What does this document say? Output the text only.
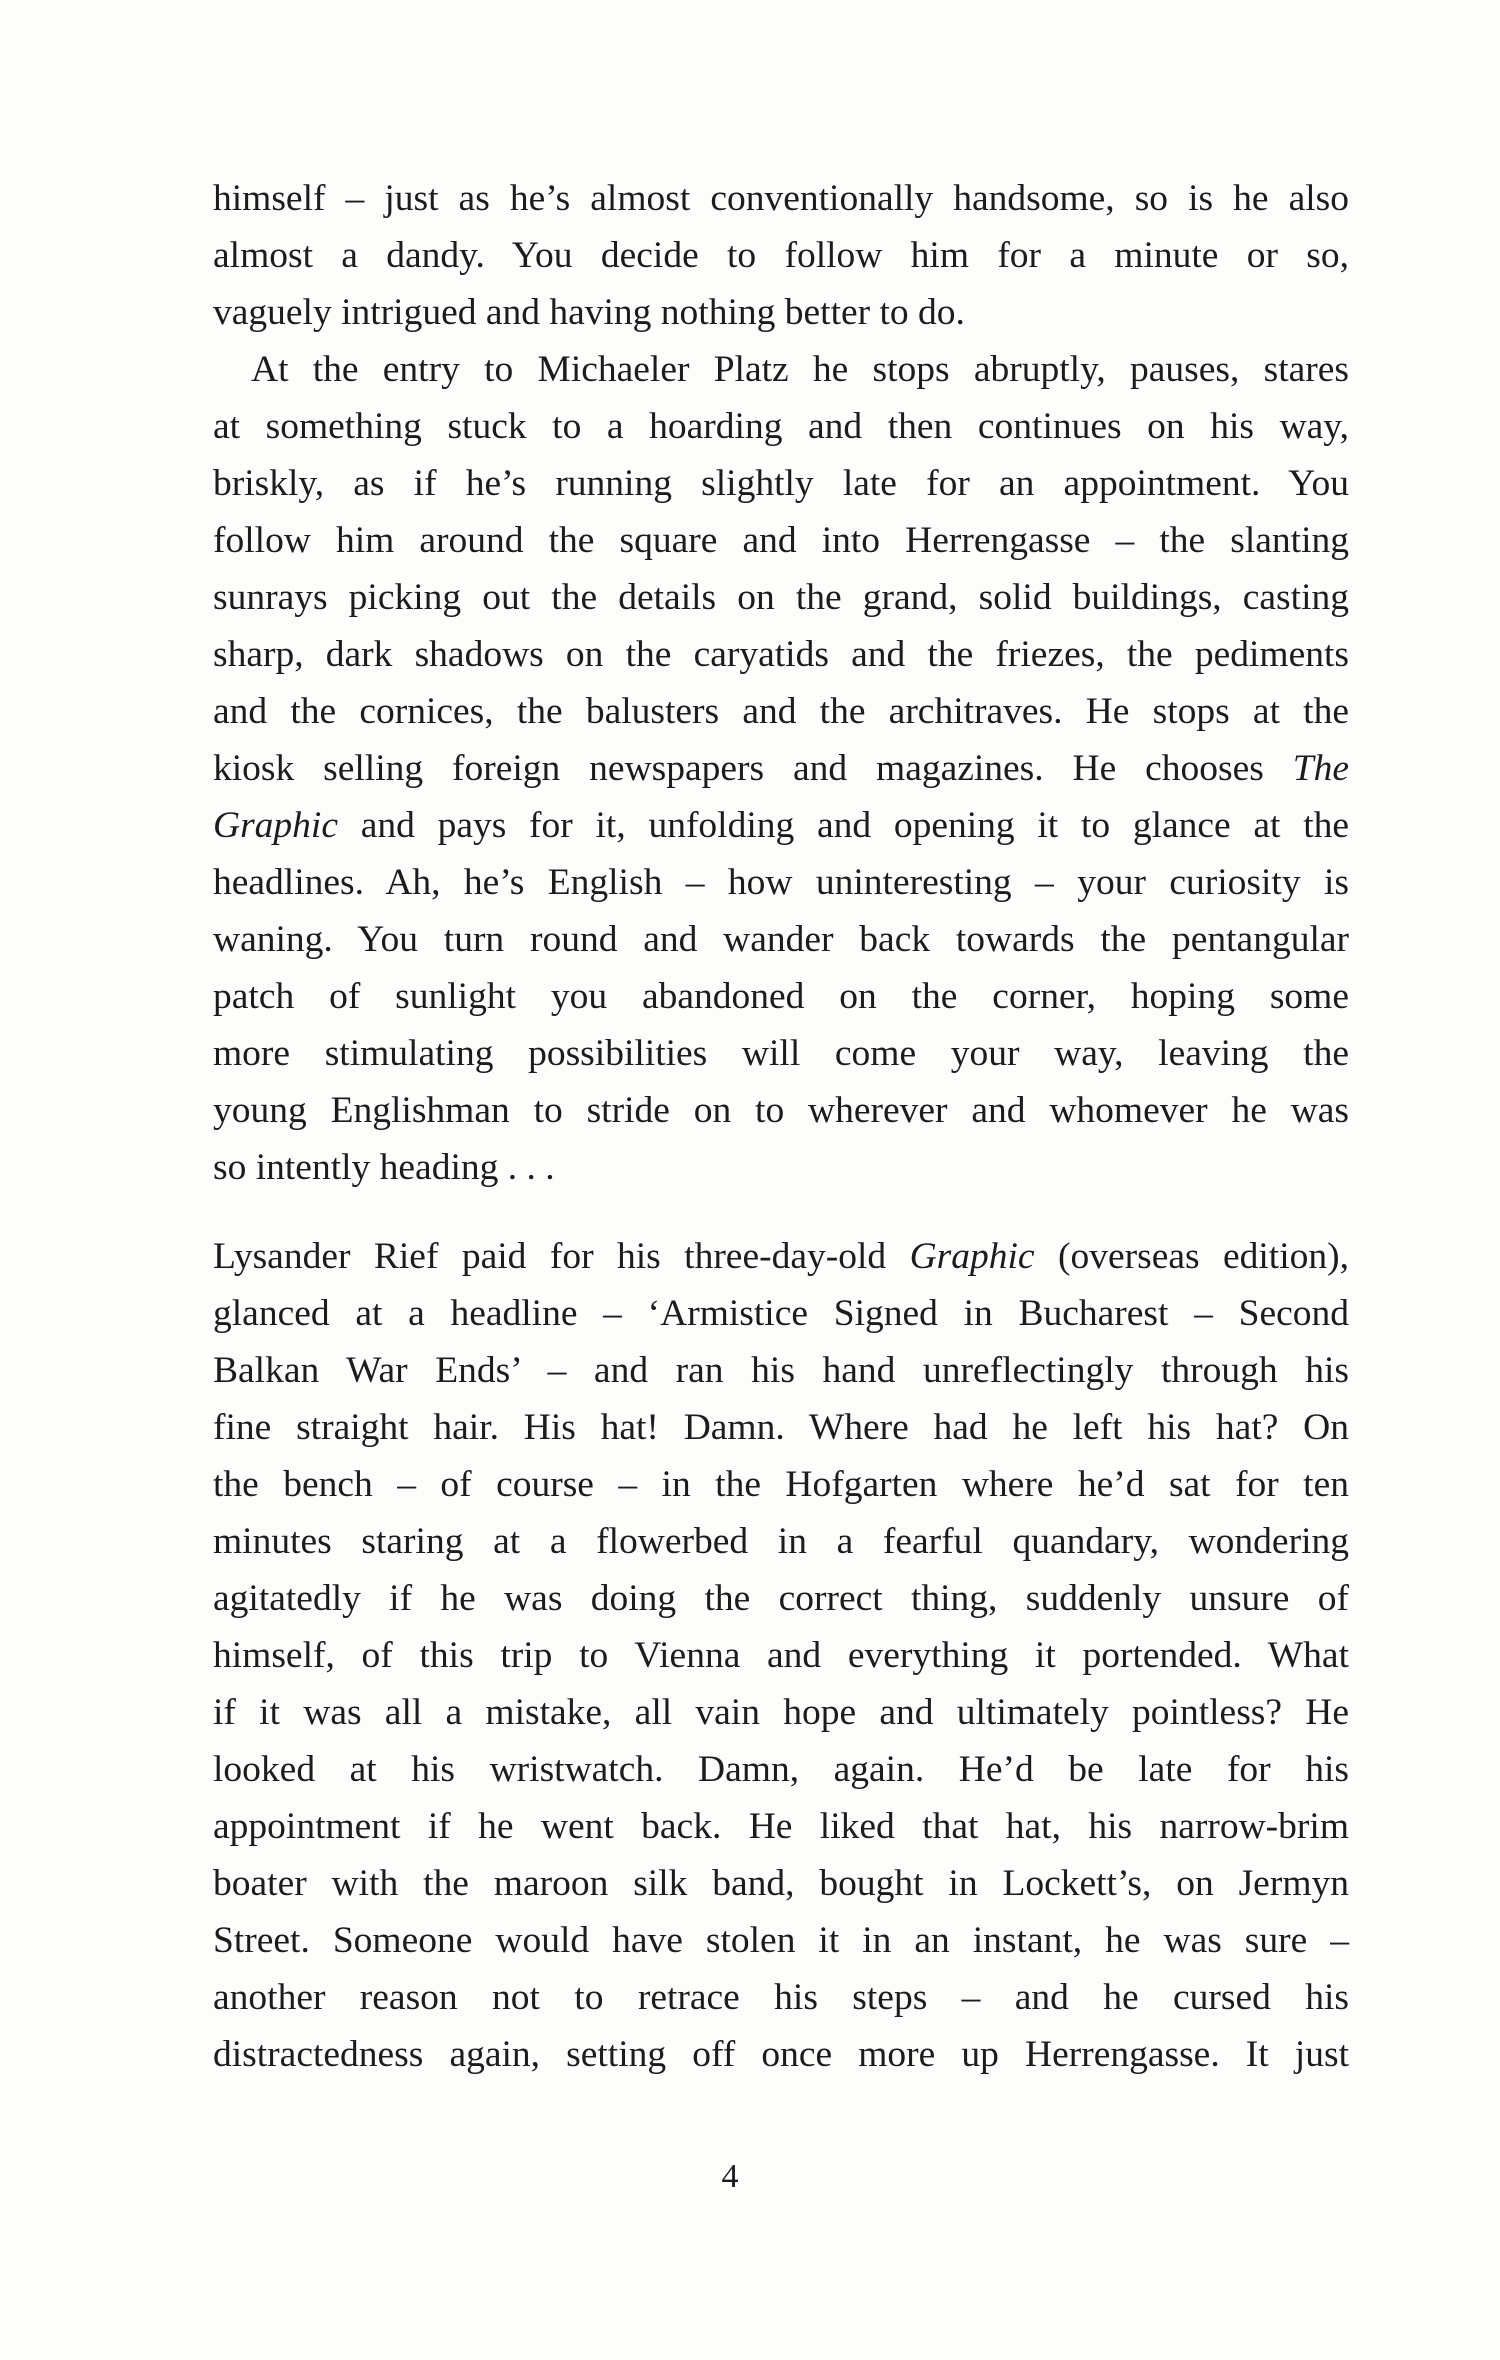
himself – just as he’s almost conventionally handsome, so is he also
almost a dandy. You decide to follow him for a minute or so,
vaguely intrigued and having nothing better to do.
At the entry to Michaeler Platz he stops abruptly, pauses, stares
at something stuck to a hoarding and then continues on his way,
briskly, as if he’s running slightly late for an appointment. You
follow him around the square and into Herrengasse – the slanting
sunrays picking out the details on the grand, solid buildings, casting
sharp, dark shadows on the caryatids and the friezes, the pediments
and the cornices, the balusters and the architraves. He stops at the
kiosk selling foreign newspapers and magazines. He chooses The
Graphic and pays for it, unfolding and opening it to glance at the
headlines. Ah, he’s English – how uninteresting – your curiosity is
waning. You turn round and wander back towards the pentangular
patch of sunlight you abandoned on the corner, hoping some
more stimulating possibilities will come your way, leaving the
young Englishman to stride on to wherever and whomever he was
so intently heading . . .
Lysander Rief paid for his three-day-old Graphic (overseas edition),
glanced at a headline – ‘Armistice Signed in Bucharest – Second
Balkan War Ends’ – and ran his hand unreflectingly through his
fine straight hair. His hat! Damn. Where had he left his hat? On
the bench – of course – in the Hofgarten where he’d sat for ten
minutes staring at a flowerbed in a fearful quandary, wondering
agitatedly if he was doing the correct thing, suddenly unsure of
himself, of this trip to Vienna and everything it portended. What
if it was all a mistake, all vain hope and ultimately pointless? He
looked at his wristwatch. Damn, again. He’d be late for his
appointment if he went back. He liked that hat, his narrow-brim
boater with the maroon silk band, bought in Lockett’s, on Jermyn
Street. Someone would have stolen it in an instant, he was sure –
another reason not to retrace his steps – and he cursed his
distractedness again, setting off once more up Herrengasse. It just
4
